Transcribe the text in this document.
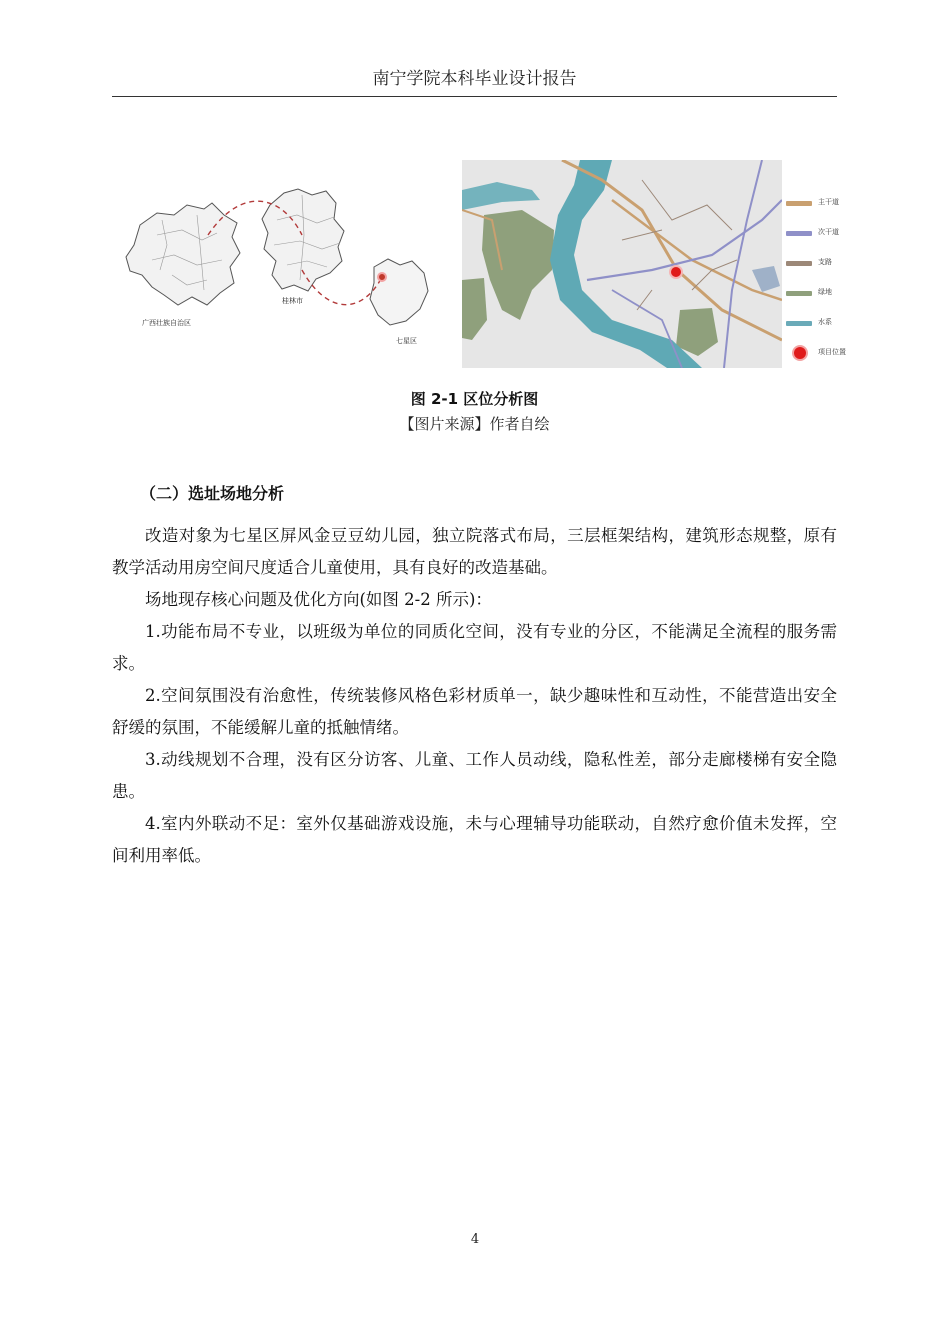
南宁学院本科毕业设计报告
广西壮族自治区
桂林市
七星区
主干道
次干道
支路
绿地
水系
项目位置
图 2-1 区位分析图
【图片来源】作者自绘
（二）选址场地分析

改造对象为七星区屏风金豆豆幼儿园，独立院落式布局，三层框架结构，建筑形态规整，原有教学活动用房空间尺度适合儿童使用，具有良好的改造基础。

场地现存核心问题及优化方向(如图 2-2 所示)：

1.功能布局不专业，以班级为单位的同质化空间，没有专业的分区，不能满足全流程的服务需求。

2.空间氛围没有治愈性，传统装修风格色彩材质单一，缺少趣味性和互动性，不能营造出安全舒缓的氛围，不能缓解儿童的抵触情绪。

3.动线规划不合理，没有区分访客、儿童、工作人员动线，隐私性差，部分走廊楼梯有安全隐患。

4.室内外联动不足：室外仅基础游戏设施，未与心理辅导功能联动，自然疗愈价值未发挥，空间利用率低。

4
